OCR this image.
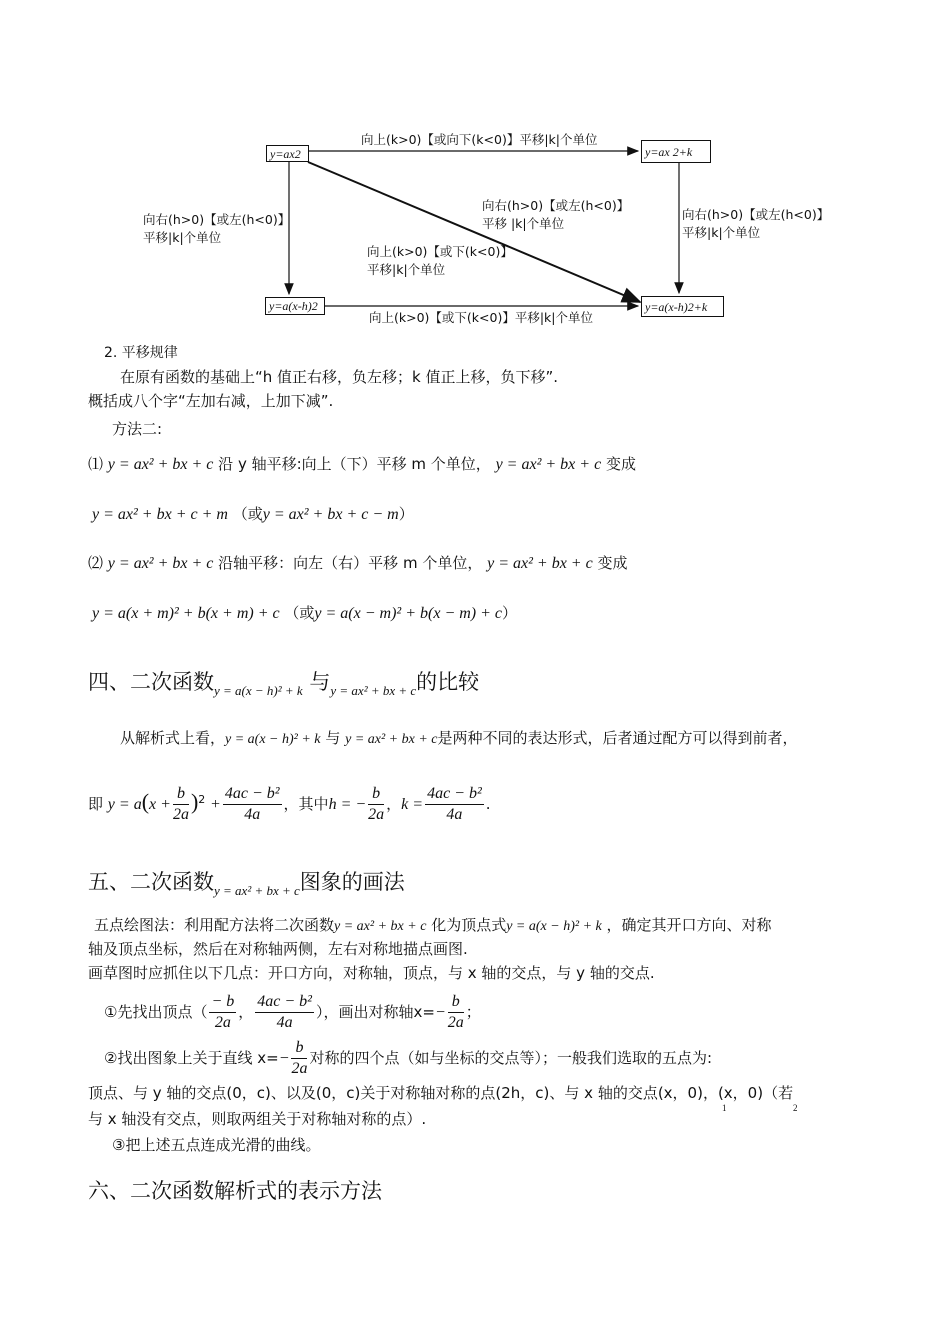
y=ax2	y=ax 2+k
y=a(x-h)2	y=a(x-h)2+k
向上(k>0)【或向下(k<0)】平移|k|个单位
向右(h>0)【或左(h<0)】
平移|k|个单位
向右(h>0)【或左(h<0)】
平移 |k|个单位
向上(k>0)【或下(k<0)】
平移|k|个单位
向右(h>0)【或左(h<0)】
平移|k|个单位
向上(k>0)【或下(k<0)】平移|k|个单位
2. 平移规律
在原有函数的基础上“h 值正右移，负左移；k 值正上移，负下移”.
概括成八个字“左加右减，上加下减”.
方法二:
⑴ y = ax² + bx + c 沿 y 轴平移:向上（下）平移 m 个单位， y = ax² + bx + c 变成
y = ax² + bx + c + m （或y = ax² + bx + c − m）
⑵ y = ax² + bx + c 沿轴平移：向左（右）平移 m 个单位， y = ax² + bx + c 变成
y = a(x + m)² + b(x + m) + c （或y = a(x − m)² + b(x − m) + c）
四、二次函数$_{y = a(x - h)^2 + k}$ 与$_{y = ax^2 + bx + c}$的比较
从解析式上看，y = a(x − h)² + k 与 y = ax² + bx + c是两种不同的表达形式，后者通过配方可以得到前者，
即 $y = a(x + \frac{b}{2a} )^2 + \frac{\text{4ac − b²}}{4a}$ ，其中h = − $\frac{b}{2a}$ ，$k = \frac{\text{4ac − b²}}{4a}$ .
五、二次函数$_{y = ax^2 + bx + c}$图象的画法
五点绘图法：利用配方法将二次函数y = ax² + bx + c 化为顶点式y = a(x − h)² + k ，确定其开口方向、对称
轴及顶点坐标，然后在对称轴两侧，左右对称地描点画图.
画草图时应抓住以下几点：开口方向，对称轴，顶点，与 x 轴的交点，与 y 轴的交点.
①先找出顶点（ $\frac{- b}{2a}$ ， $\frac{\text{4ac − b²}}{4a}$ ），画出对称轴$x=- \frac{b}{2a}$ ；
②找出图象上关于直线 $x=- \frac{b}{2a}$ 对称的四个点（如与坐标的交点等）；一般我们选取的五点为:
顶点、与 y 轴的交点(0，c)、以及(0，c)关于对称轴对称的点(2h，c)、与 x 轴的交点(x，0)，(x，0)（若
1	2
与 x 轴没有交点，则取两组关于对称轴对称的点）.
③把上述五点连成光滑的曲线。
六、二次函数解析式的表示方法
